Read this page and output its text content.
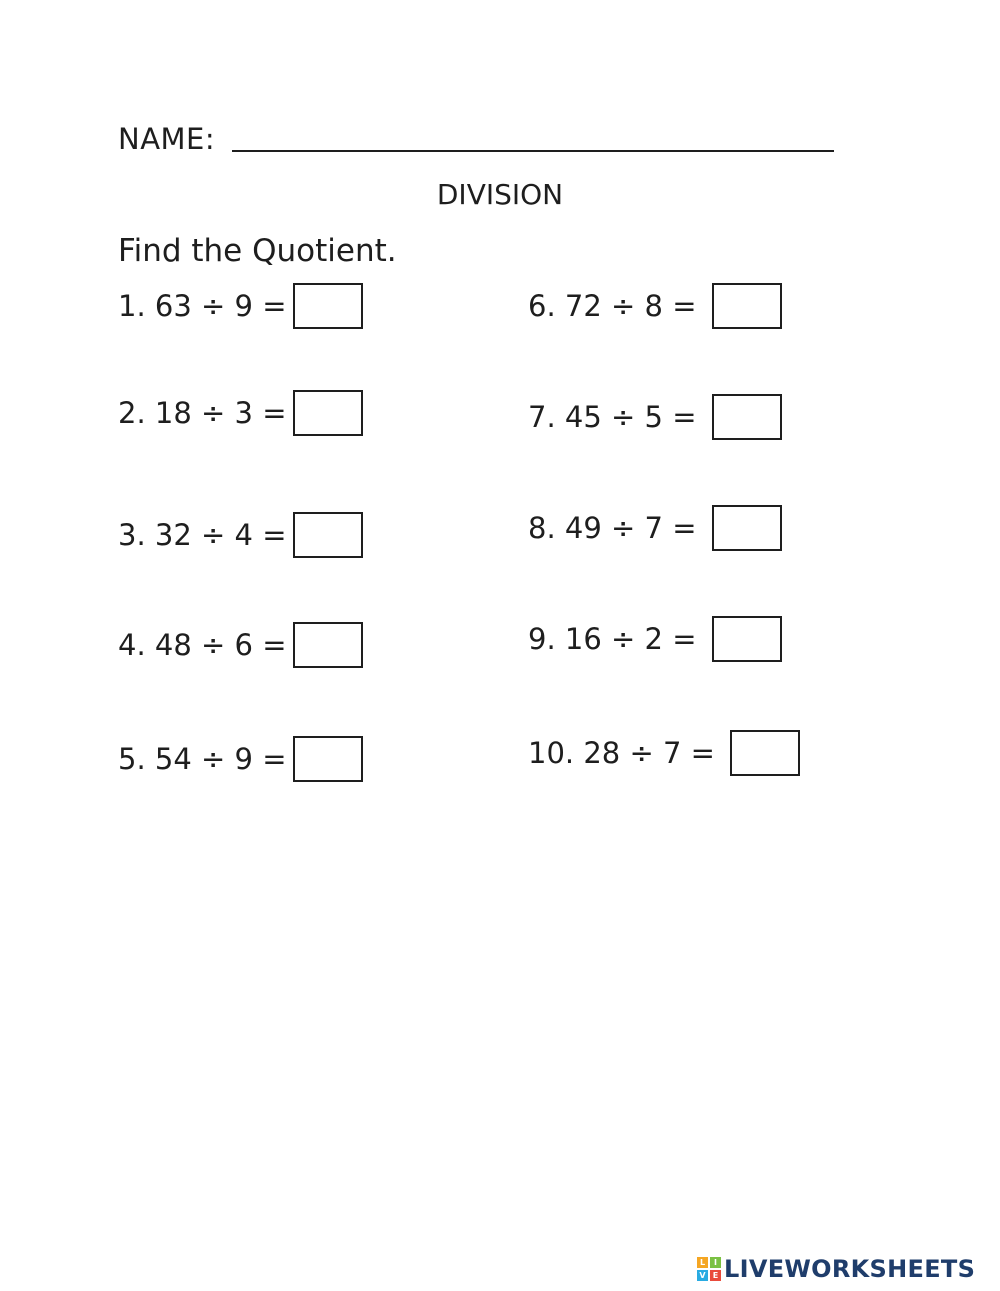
NAME:
DIVISION
Find the Quotient.
1. 63 ÷ 9 =
2. 18 ÷ 3 =
3. 32 ÷ 4 =
4. 48 ÷ 6 =
5. 54 ÷ 9 =
6. 72 ÷ 8 =
7. 45 ÷ 5 =
8. 49 ÷ 7 =
9. 16 ÷ 2 =
10. 28 ÷ 7 =
L	I
V E LIVEWORKSHEETS
